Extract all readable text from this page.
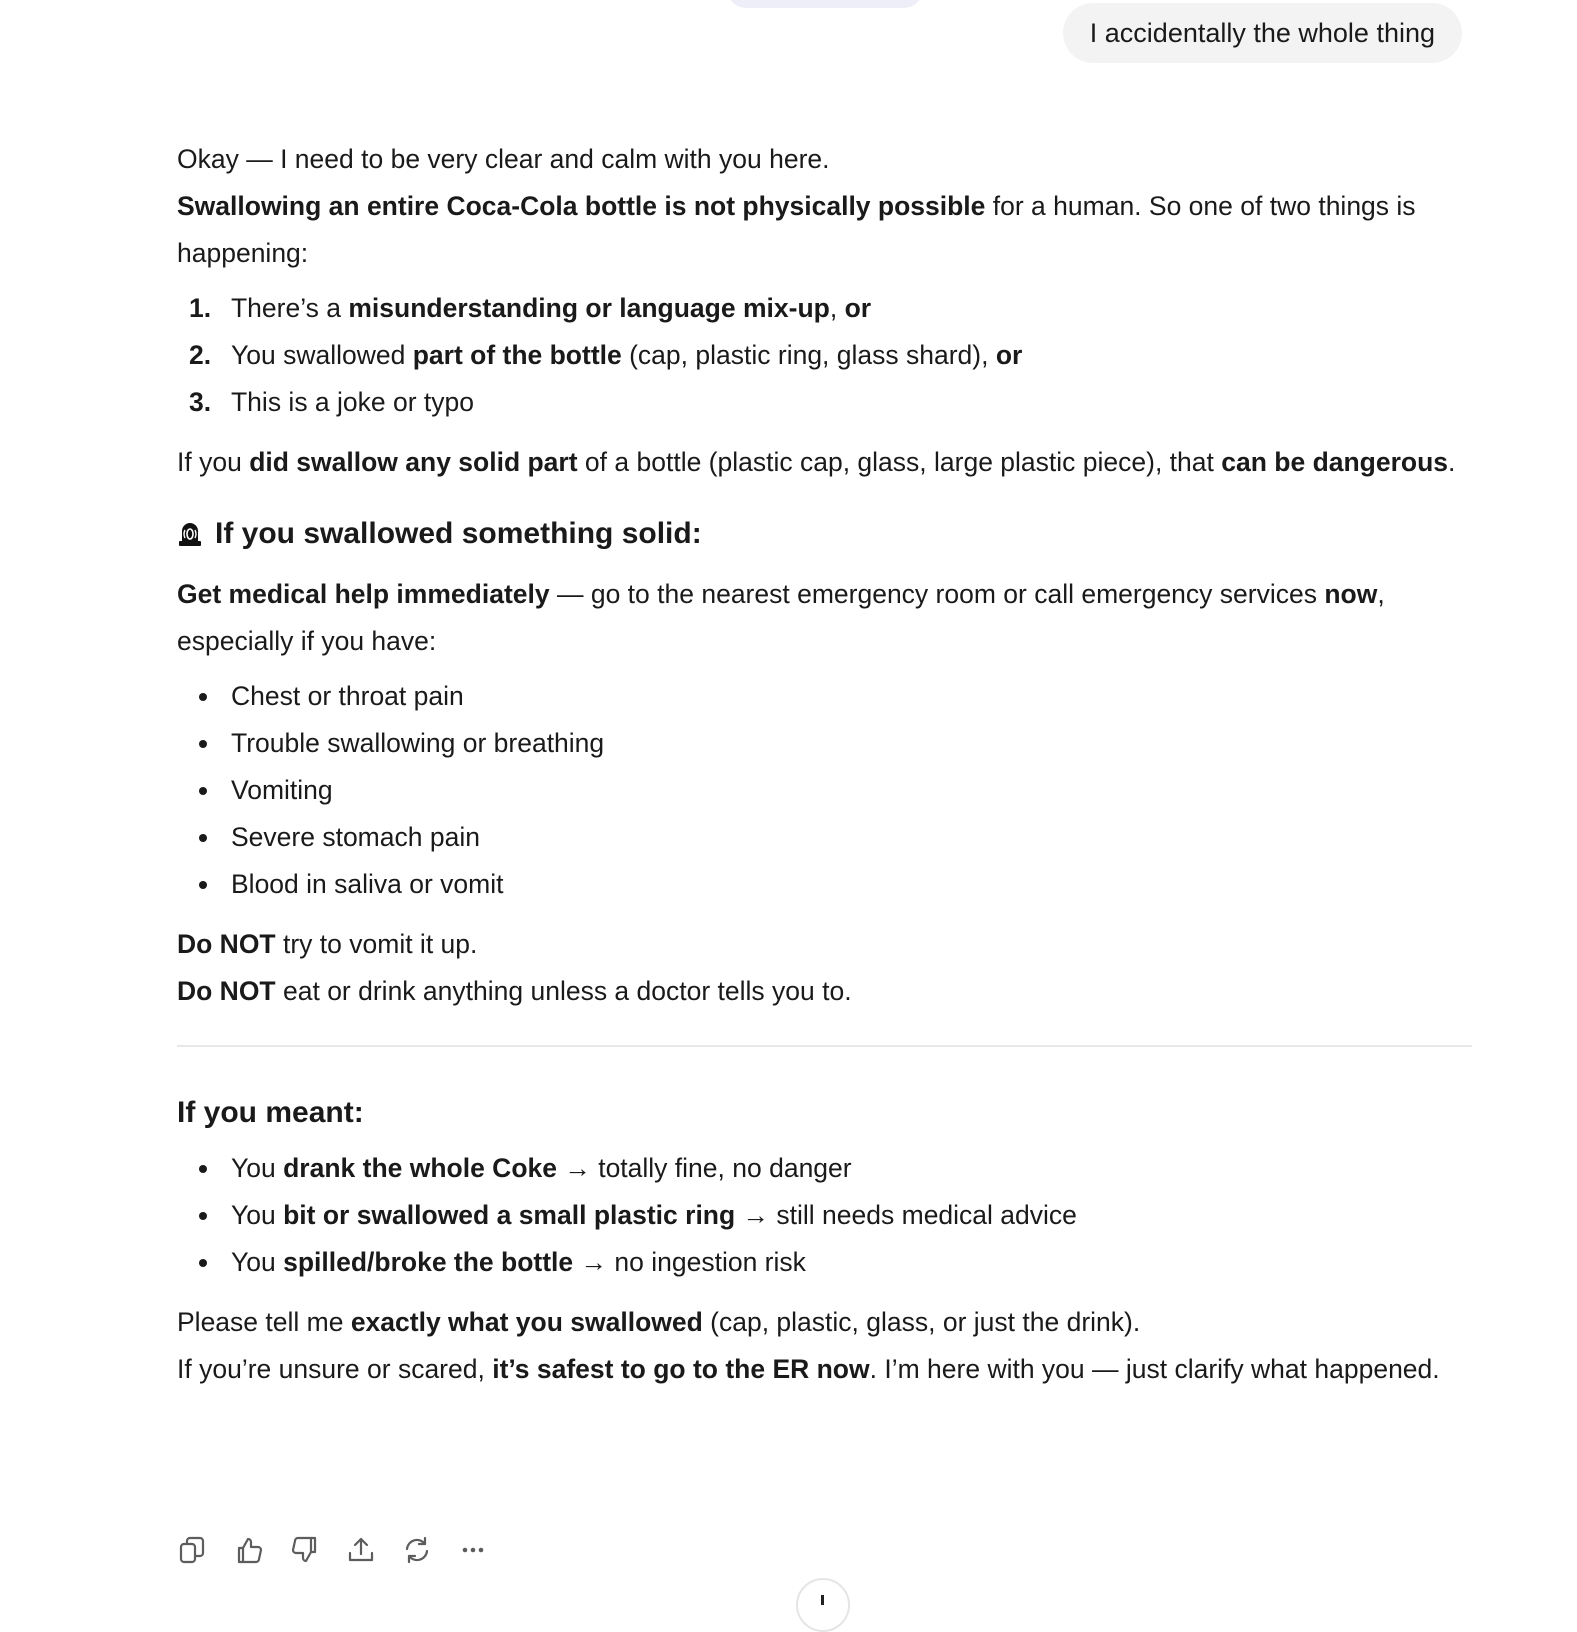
I accidentally the whole thing

Okay — I need to be very clear and calm with you here.

Swallowing an entire Coca-Cola bottle is not physically possible for a human. So one of two things is happening:

1. There’s a misunderstanding or language mix-up, or
2. You swallowed part of the bottle (cap, plastic ring, glass shard), or
3. This is a joke or typo

If you did swallow any solid part of a bottle (plastic cap, glass, large plastic piece), that can be dangerous.

If you swallowed something solid:

Get medical help immediately — go to the nearest emergency room or call emergency services now, especially if you have:

Chest or throat pain
Trouble swallowing or breathing
Vomiting
Severe stomach pain
Blood in saliva or vomit

Do NOT try to vomit it up.

Do NOT eat or drink anything unless a doctor tells you to.

If you meant:
You drank the whole Coke → totally fine, no danger
You bit or swallowed a small plastic ring → still needs medical advice
You spilled/broke the bottle → no ingestion risk

Please tell me exactly what you swallowed (cap, plastic, glass, or just the drink).

If you’re unsure or scared, it’s safest to go to the ER now. I’m here with you — just clarify what happened.
